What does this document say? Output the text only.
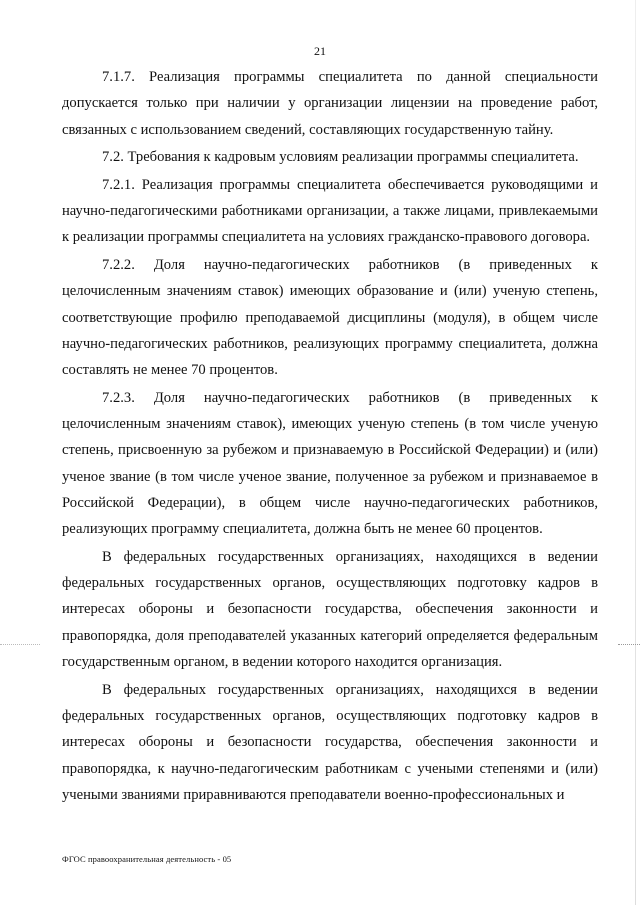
21

7.1.7. Реализация программы специалитета по данной специальности допускается только при наличии у организации лицензии на проведение работ, связанных с использованием сведений, составляющих государственную тайну.

7.2. Требования к кадровым условиям реализации программы специалитета.

7.2.1. Реализация программы специалитета обеспечивается руководящими и научно-педагогическими работниками организации, а также лицами, привлекаемыми к реализации программы специалитета на условиях гражданско-правового договора.

7.2.2. Доля научно-педагогических работников (в приведенных к целочисленным значениям ставок) имеющих образование и (или) ученую степень, соответствующие профилю преподаваемой дисциплины (модуля), в общем числе научно-педагогических работников, реализующих программу специалитета, должна составлять не менее 70 процентов.

7.2.3. Доля научно-педагогических работников (в приведенных к целочисленным значениям ставок), имеющих ученую степень (в том числе ученую степень, присвоенную за рубежом и признаваемую в Российской Федерации) и (или) ученое звание (в том числе ученое звание, полученное за рубежом и признаваемое в Российской Федерации), в общем числе научно-педагогических работников, реализующих программу специалитета, должна быть не менее 60 процентов.

В федеральных государственных организациях, находящихся в ведении федеральных государственных органов, осуществляющих подготовку кадров в интересах обороны и безопасности государства, обеспечения законности и правопорядка, доля преподавателей указанных категорий определяется федеральным государственным органом, в ведении которого находится организация.

В федеральных государственных организациях, находящихся в ведении федеральных государственных органов, осуществляющих подготовку кадров в интересах обороны и безопасности государства, обеспечения законности и правопорядка, к научно-педагогическим работникам с учеными степенями и (или) учеными званиями приравниваются преподаватели военно-профессиональных и

ФГОС правоохранительная деятельность - 05
